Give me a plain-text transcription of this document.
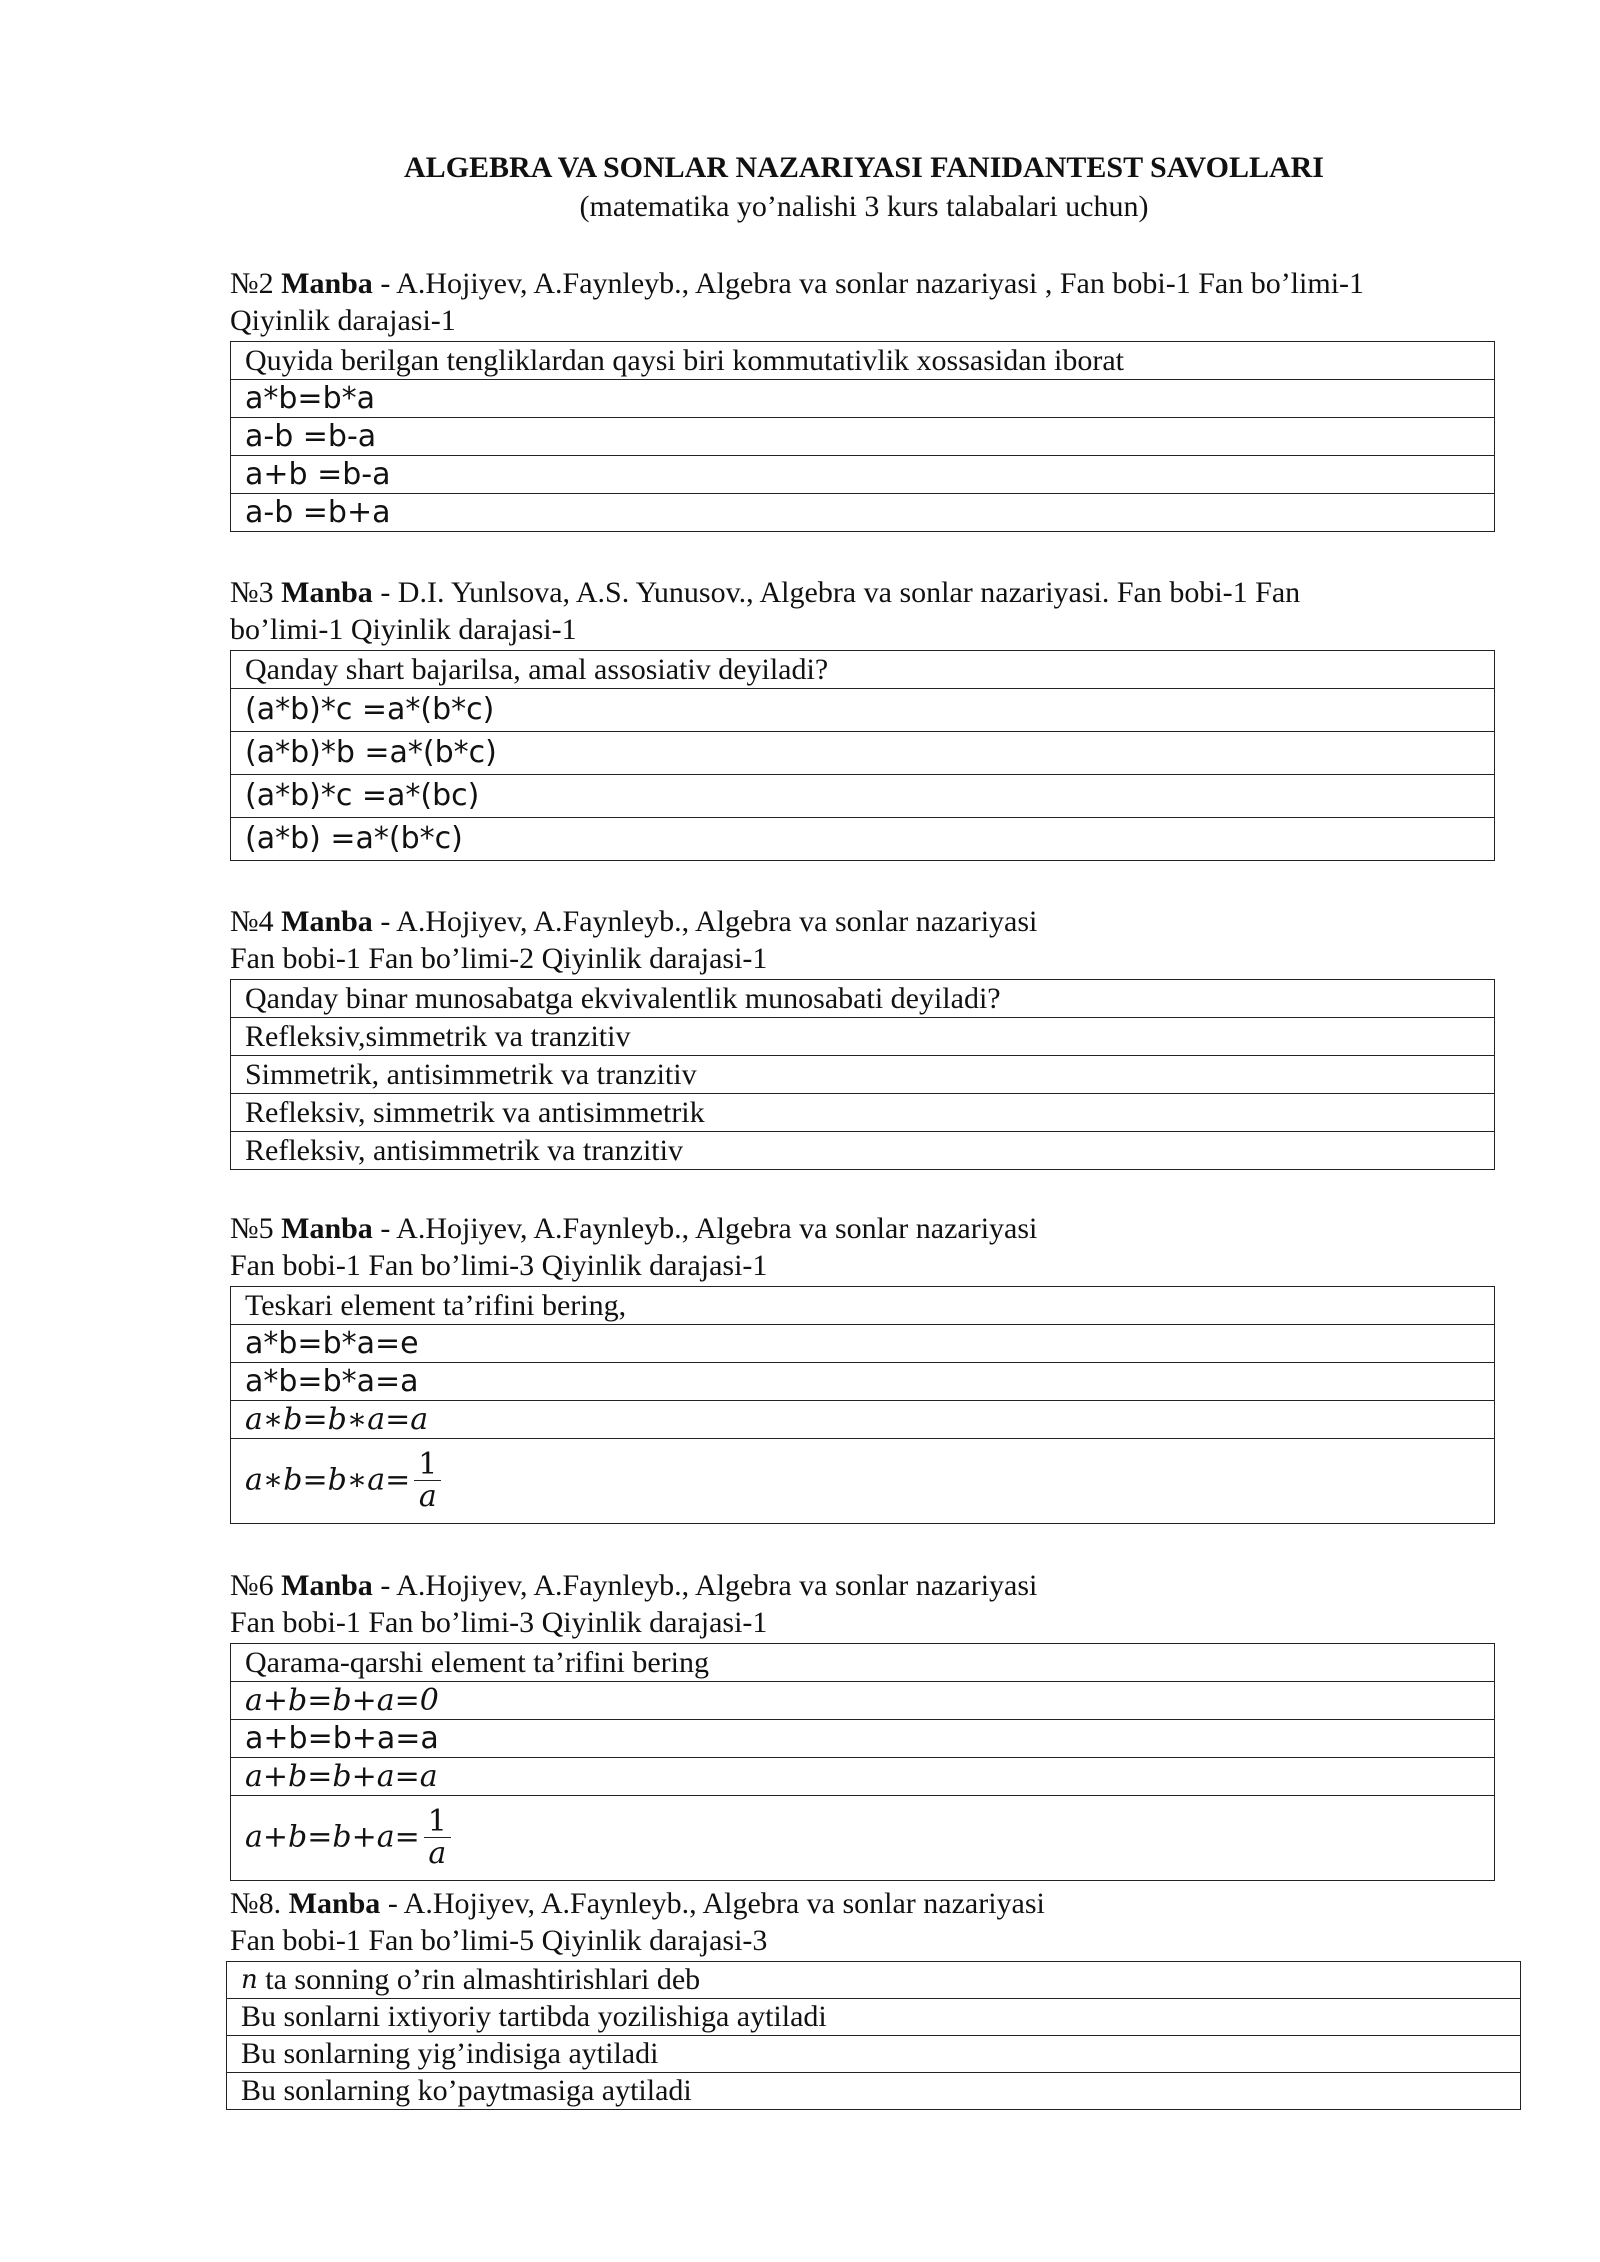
ALGEBRA VA SONLAR NAZARIYASI FANIDANTEST SAVOLLARI
(matematika yo’nalishi 3 kurs talabalari uchun)
№2 Manba - A.Hojiyev, A.Faynleyb., Algebra va sonlar nazariyasi , Fan bobi-1 Fan bo’limi-1
Qiyinlik darajasi-1
Quyida berilgan tengliklardan qaysi biri kommutativlik xossasidan iborat
a*b=b*a
a-b =b-a
a+b =b-a
a-b =b+a
№3 Manba - D.I. Yunlsova, A.S. Yunusov., Algebra va sonlar nazariyasi. Fan bobi-1 Fan
bo’limi-1 Qiyinlik darajasi-1
Qanday shart bajarilsa, amal assosiativ deyiladi?
(a*b)*c =a*(b*c)
(a*b)*b =a*(b*c)
(a*b)*c =a*(bc)
(a*b) =a*(b*c)
№4 Manba - A.Hojiyev, A.Faynleyb., Algebra va sonlar nazariyasi
Fan bobi-1 Fan bo’limi-2 Qiyinlik darajasi-1
Qanday binar munosabatga ekvivalentlik munosabati deyiladi?
Refleksiv,simmetrik va tranzitiv
Simmetrik, antisimmetrik va tranzitiv
Refleksiv, simmetrik va antisimmetrik
Refleksiv, antisimmetrik va tranzitiv
№5 Manba - A.Hojiyev, A.Faynleyb., Algebra va sonlar nazariyasi
Fan bobi-1 Fan bo’limi-3 Qiyinlik darajasi-1
Teskari element ta’rifini bering,
a*b=b*a=e
a*b=b*a=a
a∗b=b∗a=a
a∗b=b∗a= $\frac{1}{a}$
№6 Manba - A.Hojiyev, A.Faynleyb., Algebra va sonlar nazariyasi
Fan bobi-1 Fan bo’limi-3 Qiyinlik darajasi-1
Qarama-qarshi element ta’rifini bering
a+b=b+a=0
a+b=b+a=a
a+b=b+a=a
$a+b=b+a= \frac{1}{a}$
№8. Manba - A.Hojiyev, A.Faynleyb., Algebra va sonlar nazariyasi
Fan bobi-1 Fan bo’limi-5 Qiyinlik darajasi-3
n ta sonning o’rin almashtirishlari deb
Bu sonlarni ixtiyoriy tartibda yozilishiga aytiladi
Bu sonlarning yig’indisiga aytiladi
Bu sonlarning ko’paytmasiga aytiladi
